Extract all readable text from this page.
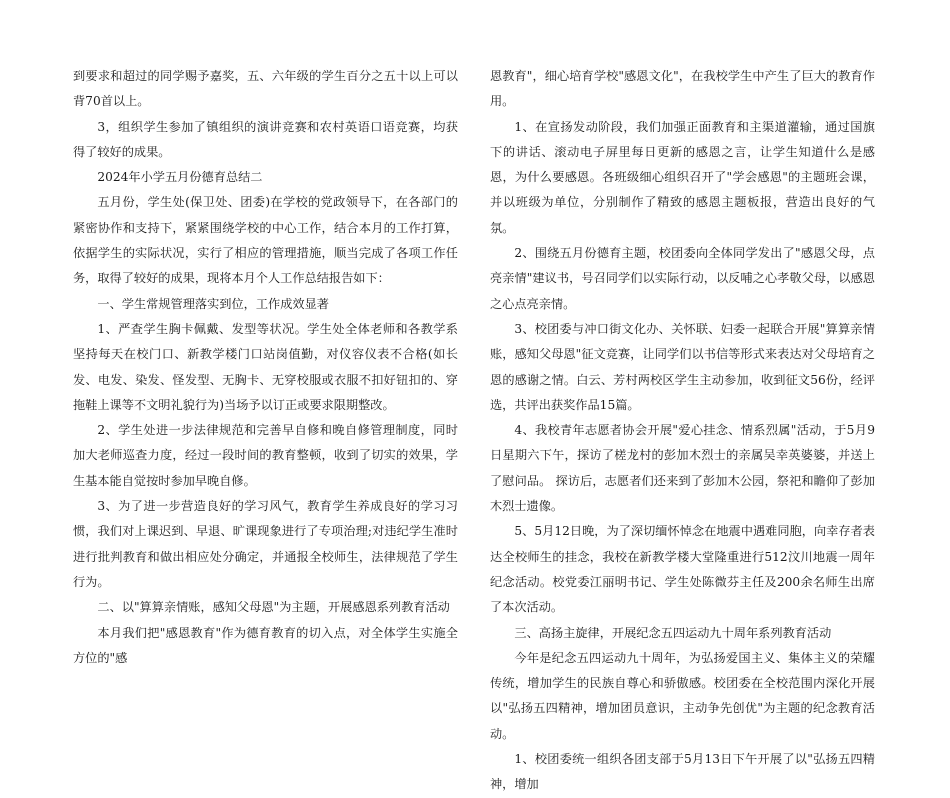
到要求和超过的同学赐予嘉奖，五、六年级的学生百分之五十以上可以背70首以上。

3，组织学生参加了镇组织的演讲竞赛和农村英语口语竞赛，均获得了较好的成果。

2024年小学五月份德育总结二

五月份，学生处(保卫处、团委)在学校的党政领导下，在各部门的紧密协作和支持下，紧紧围绕学校的中心工作，结合本月的工作打算，依据学生的实际状况，实行了相应的管理措施，顺当完成了各项工作任务，取得了较好的成果，现将本月个人工作总结报告如下：

一、学生常规管理落实到位，工作成效显著

1、严查学生胸卡佩戴、发型等状况。学生处全体老师和各教学系坚持每天在校门口、新教学楼门口站岗值勤，对仪容仪表不合格(如长发、电发、染发、怪发型、无胸卡、无穿校服或衣服不扣好钮扣的、穿拖鞋上课等不文明礼貌行为)当场予以订正或要求限期整改。

2、学生处进一步法律规范和完善早自修和晚自修管理制度，同时加大老师巡查力度，经过一段时间的教育整顿，收到了切实的效果，学生基本能自觉按时参加早晚自修。

3、为了进一步营造良好的学习风气，教育学生养成良好的学习习惯，我们对上课迟到、早退、旷课现象进行了专项治理;对违纪学生准时进行批判教育和做出相应处分确定，并通报全校师生，法律规范了学生行为。

二、以"算算亲情账，感知父母恩"为主题，开展感恩系列教育活动

本月我们把"感恩教育"作为德育教育的切入点，对全体学生实施全方位的"感

恩教育"，细心培育学校"感恩文化"，在我校学生中产生了巨大的教育作用。

1、在宣扬发动阶段，我们加强正面教育和主渠道灌输，通过国旗下的讲话、滚动电子屏里每日更新的感恩之言，让学生知道什么是感恩，为什么要感恩。各班级细心组织召开了"学会感恩"的主题班会课，并以班级为单位，分别制作了精致的感恩主题板报，营造出良好的气氛。

2、围绕五月份德育主题，校团委向全体同学发出了"感恩父母，点亮亲情"建议书，号召同学们以实际行动，以反哺之心孝敬父母，以感恩之心点亮亲情。

3、校团委与冲口街文化办、关怀联、妇委一起联合开展"算算亲情账，感知父母恩"征文竞赛，让同学们以书信等形式来表达对父母培育之恩的感谢之情。白云、芳村两校区学生主动参加，收到征文56份，经评选，共评出获奖作品15篇。

4、我校青年志愿者协会开展"爱心挂念、情系烈属"活动，于5月9日星期六下午，探访了槎龙村的彭加木烈士的亲属吴幸英婆婆，并送上了慰问品。 探访后，志愿者们还来到了彭加木公园，祭祀和瞻仰了彭加木烈士遗像。

5、5月12日晚，为了深切缅怀悼念在地震中遇难同胞，向幸存者表达全校师生的挂念，我校在新教学楼大堂隆重进行512汶川地震一周年纪念活动。校党委江丽明书记、学生处陈微芬主任及200余名师生出席了本次活动。

三、高扬主旋律，开展纪念五四运动九十周年系列教育活动

今年是纪念五四运动九十周年，为弘扬爱国主义、集体主义的荣耀传统，增加学生的民族自尊心和骄傲感。校团委在全校范围内深化开展以"弘扬五四精神，增加团员意识，主动争先创优"为主题的纪念教育活动。

1、校团委统一组织各团支部于5月13日下午开展了以"弘扬五四精神，增加
